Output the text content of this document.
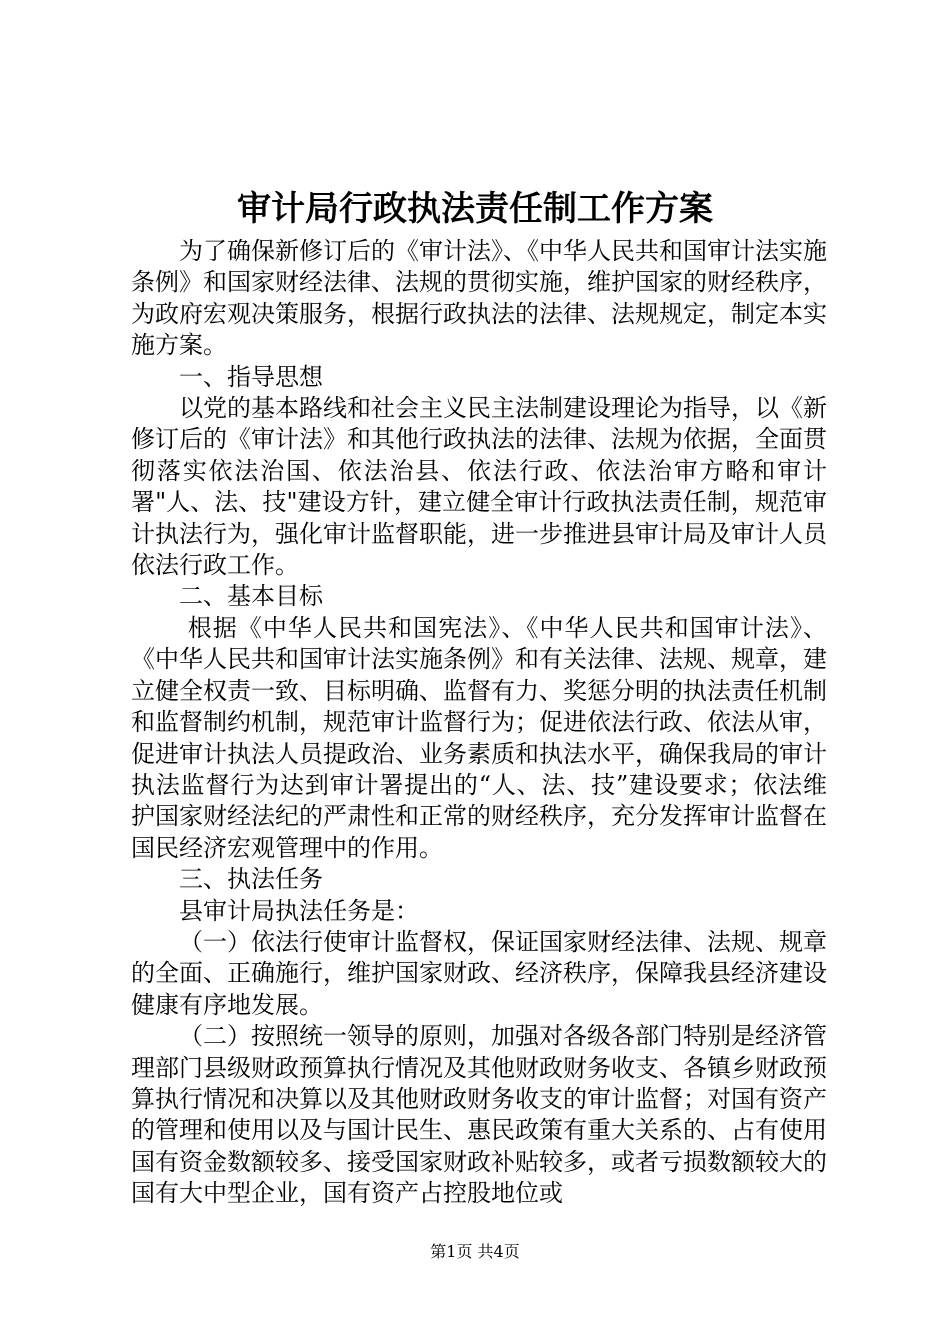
审计局行政执法责任制工作方案

为了确保新修订后的《审计法》、《中华人民共和国审计法实施条例》和国家财经法律、法规的贯彻实施，维护国家的财经秩序，为政府宏观决策服务，根据行政执法的法律、法规规定，制定本实施方案。

一、指导思想

以党的基本路线和社会主义民主法制建设理论为指导，以《新修订后的《审计法》和其他行政执法的法律、法规为依据，全面贯彻落实依法治国、依法治县、依法行政、依法治审方略和审计署"人、法、技"建设方针，建立健全审计行政执法责任制，规范审计执法行为，强化审计监督职能，进一步推进县审计局及审计人员依法行政工作。

二、基本目标

根据《中华人民共和国宪法》、《中华人民共和国审计法》、《中华人民共和国审计法实施条例》和有关法律、法规、规章，建立健全权责一致、目标明确、监督有力、奖惩分明的执法责任机制和监督制约机制，规范审计监督行为；促进依法行政、依法从审，促进审计执法人员提政治、业务素质和执法水平，确保我局的审计执法监督行为达到审计署提出的“人、法、技”建设要求；依法维护国家财经法纪的严肃性和正常的财经秩序，充分发挥审计监督在国民经济宏观管理中的作用。

三、执法任务

县审计局执法任务是：

（一）依法行使审计监督权，保证国家财经法律、法规、规章的全面、正确施行，维护国家财政、经济秩序，保障我县经济建设健康有序地发展。

（二）按照统一领导的原则，加强对各级各部门特别是经济管理部门县级财政预算执行情况及其他财政财务收支、各镇乡财政预算执行情况和决算以及其他财政财务收支的审计监督；对国有资产的管理和使用以及与国计民生、惠民政策有重大关系的、占有使用国有资金数额较多、接受国家财政补贴较多，或者亏损数额较大的国有大中型企业，国有资产占控股地位或

第1页 共4页
